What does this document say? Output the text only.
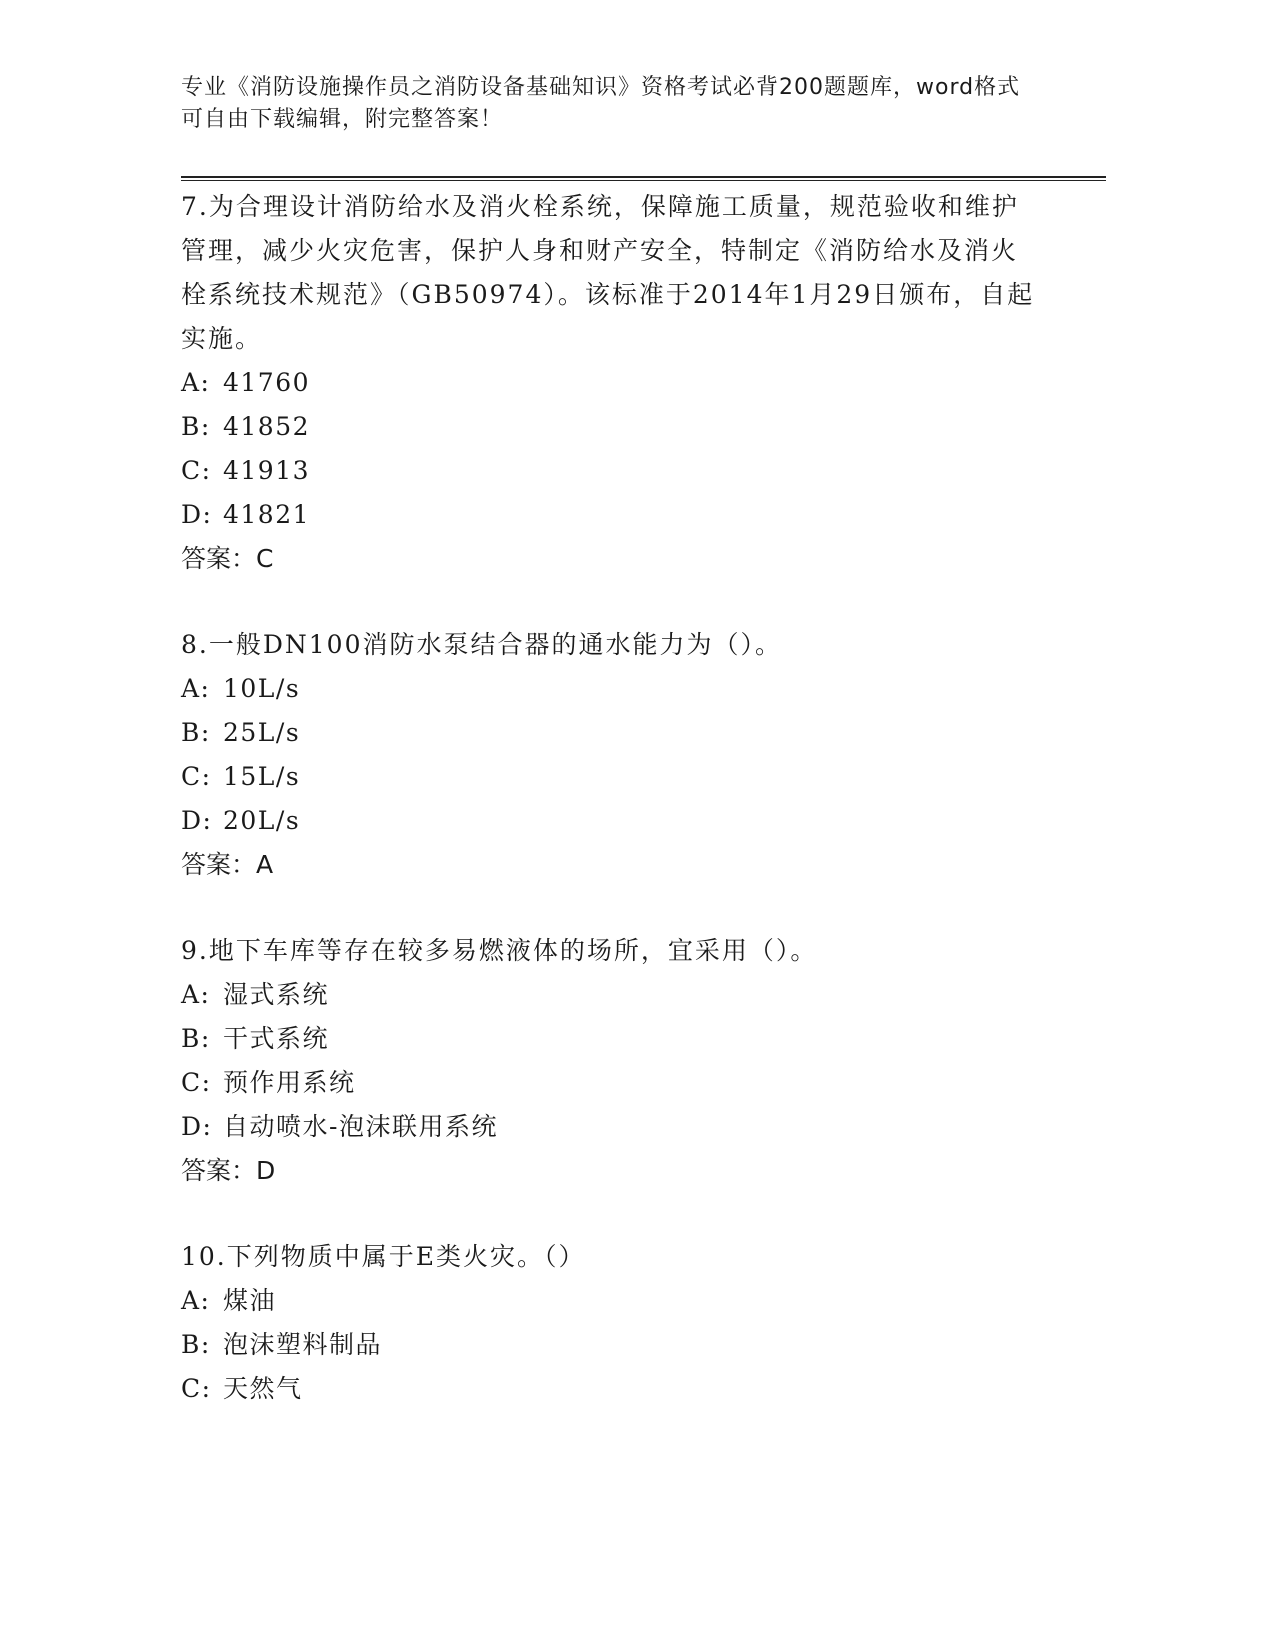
专业《消防设施操作员之消防设备基础知识》资格考试必背200题题库，word格式可自由下载编辑，附完整答案！

7.为合理设计消防给水及消火栓系统，保障施工质量，规范验收和维护管理，减少火灾危害，保护人身和财产安全，特制定《消防给水及消火栓系统技术规范》（GB50974）。该标准于2014年1月29日颁布，自起实施。

A: 41760

B: 41852

C: 41913

D: 41821

答案：C

8.一般DN100消防水泵结合器的通水能力为（）。

A: 10L/s

B: 25L/s

C: 15L/s

D: 20L/s

答案：A

9.地下车库等存在较多易燃液体的场所，宜采用（）。

A: 湿式系统

B: 干式系统

C: 预作用系统

D: 自动喷水-泡沫联用系统

答案：D

10.下列物质中属于E类火灾。（）

A: 煤油

B: 泡沫塑料制品

C: 天然气
